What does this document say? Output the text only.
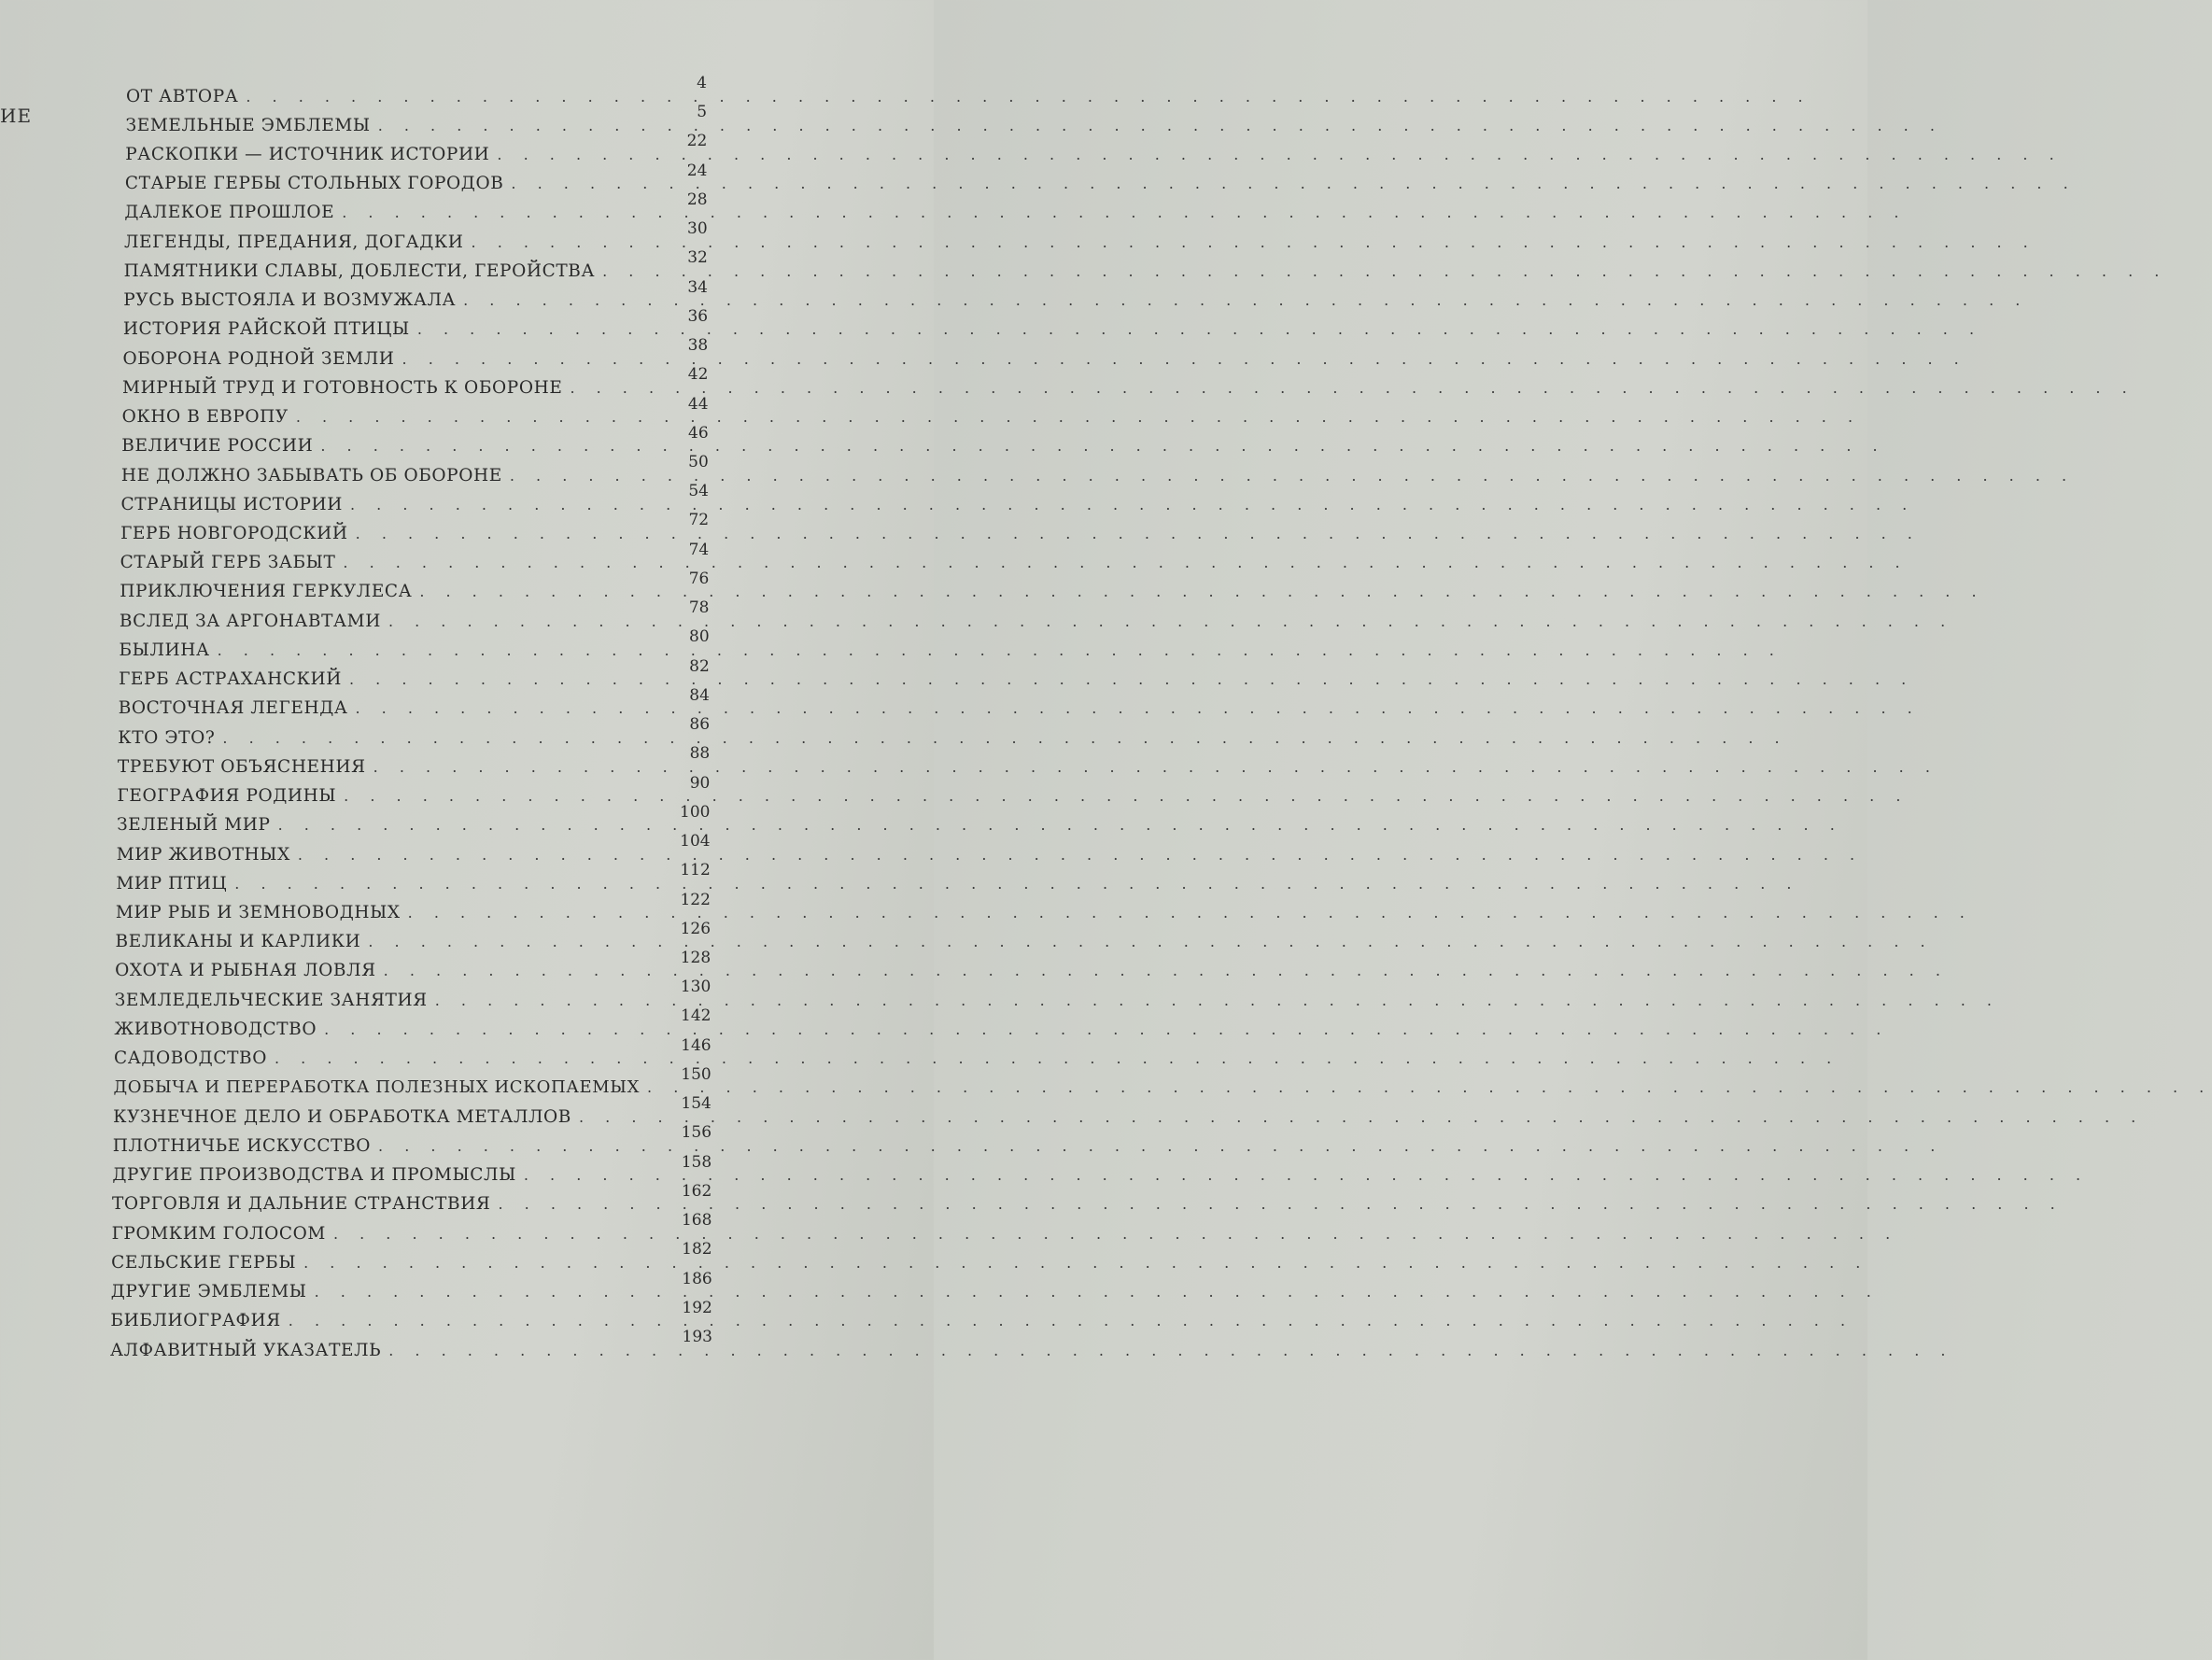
ИЕ
ОТ АВТОРА . . . . . . . . . . . . . . . . . . . . . . . . . . . . . . . . . . . . . . . . . . . . . . . . . . . . . . . . . . . .
4
ЗЕМЕЛЬНЫЕ ЭМБЛЕМЫ . . . . . . . . . . . . . . . . . . . . . . . . . . . . . . . . . . . . . . . . . . . . . . . . . . . . . . . . . . . .
5
РАСКОПКИ — ИСТОЧНИК ИСТОРИИ . . . . . . . . . . . . . . . . . . . . . . . . . . . . . . . . . . . . . . . . . . . . . . . . . . . . . . . . . . . .
22
СТАРЫЕ ГЕРБЫ СТОЛЬНЫХ ГОРОДОВ . . . . . . . . . . . . . . . . . . . . . . . . . . . . . . . . . . . . . . . . . . . . . . . . . . . . . . . . . . . .
24
ДАЛЕКОЕ ПРОШЛОЕ . . . . . . . . . . . . . . . . . . . . . . . . . . . . . . . . . . . . . . . . . . . . . . . . . . . . . . . . . . . .
28
ЛЕГЕНДЫ, ПРЕДАНИЯ, ДОГАДКИ . . . . . . . . . . . . . . . . . . . . . . . . . . . . . . . . . . . . . . . . . . . . . . . . . . . . . . . . . . . .
30
ПАМЯТНИКИ СЛАВЫ, ДОБЛЕСТИ, ГЕРОЙСТВА . . . . . . . . . . . . . . . . . . . . . . . . . . . . . . . . . . . . . . . . . . . . . . . . . . . . . . . . . . . .
32
РУСЬ ВЫСТОЯЛА И ВОЗМУЖАЛА . . . . . . . . . . . . . . . . . . . . . . . . . . . . . . . . . . . . . . . . . . . . . . . . . . . . . . . . . . . .
34
ИСТОРИЯ РАЙСКОЙ ПТИЦЫ . . . . . . . . . . . . . . . . . . . . . . . . . . . . . . . . . . . . . . . . . . . . . . . . . . . . . . . . . . . .
36
ОБОРОНА РОДНОЙ ЗЕМЛИ . . . . . . . . . . . . . . . . . . . . . . . . . . . . . . . . . . . . . . . . . . . . . . . . . . . . . . . . . . . .
38
МИРНЫЙ ТРУД И ГОТОВНОСТЬ К ОБОРОНЕ . . . . . . . . . . . . . . . . . . . . . . . . . . . . . . . . . . . . . . . . . . . . . . . . . . . . . . . . . . . .
42
ОКНО В ЕВРОПУ . . . . . . . . . . . . . . . . . . . . . . . . . . . . . . . . . . . . . . . . . . . . . . . . . . . . . . . . . . . .
44
ВЕЛИЧИЕ РОССИИ . . . . . . . . . . . . . . . . . . . . . . . . . . . . . . . . . . . . . . . . . . . . . . . . . . . . . . . . . . . .
46
НЕ ДОЛЖНО ЗАБЫВАТЬ ОБ ОБОРОНЕ . . . . . . . . . . . . . . . . . . . . . . . . . . . . . . . . . . . . . . . . . . . . . . . . . . . . . . . . . . . .
50
СТРАНИЦЫ ИСТОРИИ . . . . . . . . . . . . . . . . . . . . . . . . . . . . . . . . . . . . . . . . . . . . . . . . . . . . . . . . . . . .
54
ГЕРБ НОВГОРОДСКИЙ . . . . . . . . . . . . . . . . . . . . . . . . . . . . . . . . . . . . . . . . . . . . . . . . . . . . . . . . . . . .
72
СТАРЫЙ ГЕРБ ЗАБЫТ . . . . . . . . . . . . . . . . . . . . . . . . . . . . . . . . . . . . . . . . . . . . . . . . . . . . . . . . . . . .
74
ПРИКЛЮЧЕНИЯ ГЕРКУЛЕСА . . . . . . . . . . . . . . . . . . . . . . . . . . . . . . . . . . . . . . . . . . . . . . . . . . . . . . . . . . . .
76
ВСЛЕД ЗА АРГОНАВТАМИ . . . . . . . . . . . . . . . . . . . . . . . . . . . . . . . . . . . . . . . . . . . . . . . . . . . . . . . . . . . .
78
БЫЛИНА . . . . . . . . . . . . . . . . . . . . . . . . . . . . . . . . . . . . . . . . . . . . . . . . . . . . . . . . . . . .
80
ГЕРБ АСТРАХАНСКИЙ . . . . . . . . . . . . . . . . . . . . . . . . . . . . . . . . . . . . . . . . . . . . . . . . . . . . . . . . . . . .
82
ВОСТОЧНАЯ ЛЕГЕНДА . . . . . . . . . . . . . . . . . . . . . . . . . . . . . . . . . . . . . . . . . . . . . . . . . . . . . . . . . . . .
84
КТО ЭТО? . . . . . . . . . . . . . . . . . . . . . . . . . . . . . . . . . . . . . . . . . . . . . . . . . . . . . . . . . . . .
86
ТРЕБУЮТ ОБЪЯСНЕНИЯ . . . . . . . . . . . . . . . . . . . . . . . . . . . . . . . . . . . . . . . . . . . . . . . . . . . . . . . . . . . .
88
ГЕОГРАФИЯ РОДИНЫ . . . . . . . . . . . . . . . . . . . . . . . . . . . . . . . . . . . . . . . . . . . . . . . . . . . . . . . . . . . .
90
ЗЕЛЕНЫЙ МИР . . . . . . . . . . . . . . . . . . . . . . . . . . . . . . . . . . . . . . . . . . . . . . . . . . . . . . . . . . . .
100
МИР ЖИВОТНЫХ . . . . . . . . . . . . . . . . . . . . . . . . . . . . . . . . . . . . . . . . . . . . . . . . . . . . . . . . . . . .
104
МИР ПТИЦ . . . . . . . . . . . . . . . . . . . . . . . . . . . . . . . . . . . . . . . . . . . . . . . . . . . . . . . . . . . .
112
МИР РЫБ И ЗЕМНОВОДНЫХ . . . . . . . . . . . . . . . . . . . . . . . . . . . . . . . . . . . . . . . . . . . . . . . . . . . . . . . . . . . .
122
ВЕЛИКАНЫ И КАРЛИКИ . . . . . . . . . . . . . . . . . . . . . . . . . . . . . . . . . . . . . . . . . . . . . . . . . . . . . . . . . . . .
126
ОХОТА И РЫБНАЯ ЛОВЛЯ . . . . . . . . . . . . . . . . . . . . . . . . . . . . . . . . . . . . . . . . . . . . . . . . . . . . . . . . . . . .
128
ЗЕМЛЕДЕЛЬЧЕСКИЕ ЗАНЯТИЯ . . . . . . . . . . . . . . . . . . . . . . . . . . . . . . . . . . . . . . . . . . . . . . . . . . . . . . . . . . . .
130
ЖИВОТНОВОДСТВО . . . . . . . . . . . . . . . . . . . . . . . . . . . . . . . . . . . . . . . . . . . . . . . . . . . . . . . . . . . .
142
САДОВОДСТВО . . . . . . . . . . . . . . . . . . . . . . . . . . . . . . . . . . . . . . . . . . . . . . . . . . . . . . . . . . . .
146
ДОБЫЧА И ПЕРЕРАБОТКА ПОЛЕЗНЫХ ИСКОПАЕМЫХ . . . . . . . . . . . . . . . . . . . . . . . . . . . . . . . . . . . . . . . . . . . . . . . . . . . . . . . . . . . .
150
КУЗНЕЧНОЕ ДЕЛО И ОБРАБОТКА МЕТАЛЛОВ . . . . . . . . . . . . . . . . . . . . . . . . . . . . . . . . . . . . . . . . . . . . . . . . . . . . . . . . . . . .
154
ПЛОТНИЧЬЕ ИСКУССТВО . . . . . . . . . . . . . . . . . . . . . . . . . . . . . . . . . . . . . . . . . . . . . . . . . . . . . . . . . . . .
156
ДРУГИЕ ПРОИЗВОДСТВА И ПРОМЫСЛЫ . . . . . . . . . . . . . . . . . . . . . . . . . . . . . . . . . . . . . . . . . . . . . . . . . . . . . . . . . . . .
158
ТОРГОВЛЯ И ДАЛЬНИЕ СТРАНСТВИЯ . . . . . . . . . . . . . . . . . . . . . . . . . . . . . . . . . . . . . . . . . . . . . . . . . . . . . . . . . . . .
162
ГРОМКИМ ГОЛОСОМ . . . . . . . . . . . . . . . . . . . . . . . . . . . . . . . . . . . . . . . . . . . . . . . . . . . . . . . . . . . .
168
СЕЛЬСКИЕ ГЕРБЫ . . . . . . . . . . . . . . . . . . . . . . . . . . . . . . . . . . . . . . . . . . . . . . . . . . . . . . . . . . . .
182
ДРУГИЕ ЭМБЛЕМЫ . . . . . . . . . . . . . . . . . . . . . . . . . . . . . . . . . . . . . . . . . . . . . . . . . . . . . . . . . . . .
186
БИБЛИОГРАФИЯ . . . . . . . . . . . . . . . . . . . . . . . . . . . . . . . . . . . . . . . . . . . . . . . . . . . . . . . . . . . .
192
АЛФАВИТНЫЙ УКАЗАТЕЛЬ . . . . . . . . . . . . . . . . . . . . . . . . . . . . . . . . . . . . . . . . . . . . . . . . . . . . . . . . . . . .
193
